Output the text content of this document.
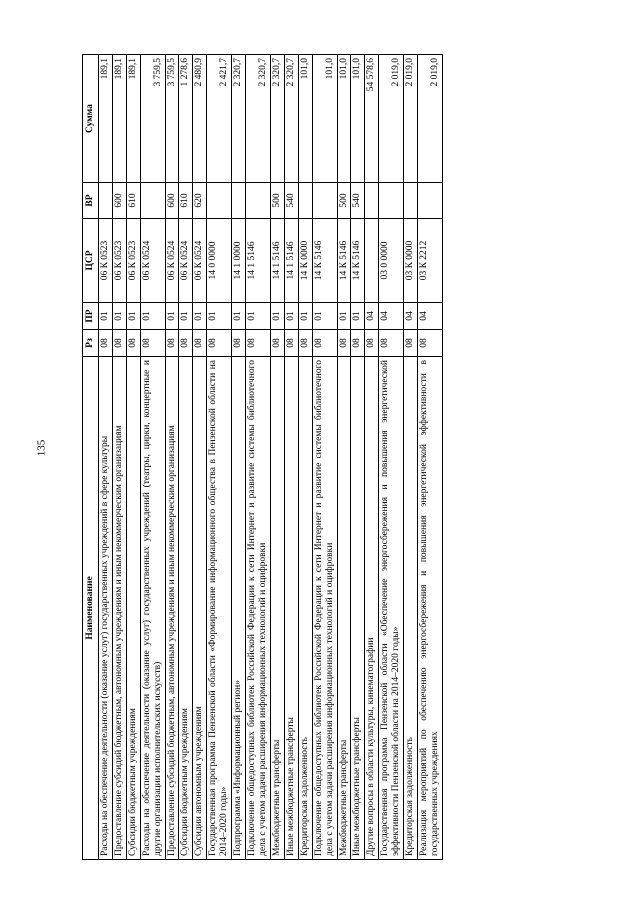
135
Наименование	Рз	ПР	ЦСР	ВР	Сумма
Расходы на обеспечение деятельности (оказание услуг) государственных учреждений в сфере культуры	08	01	06 К 0523		189,1
Предоставление субсидий бюджетным, автономным учреждениям и иным некоммерческим организациям	08	01	06 К 0523	600	189,1
Субсидии бюджетным учреждениям	08	01	06 К 0523	610	189,1
Расходы на обеспечение деятельности (оказание услуг) государственных учреждений (театры, цирки, концертные и другие организации исполнительских искусств)	08	01	06 К 0524		3 759,5
Предоставление субсидий бюджетным, автономным учреждениям и иным некоммерческим организациям	08	01	06 К 0524	600	3 759,5
Субсидии бюджетным учреждениям	08	01	06 К 0524	610	1 278,6
Субсидии автономным учреждениям	08	01	06 К 0524	620	2 480,9
Государственная программа Пензенской области «Формирование информационного общества в Пензенской области на 2014–2020 годы»	08	01	14 0 0000		2 421,7
Подпрограмма «Информационный регион»	08	01	14 1 0000		2 320,7
Подключение общедоступных библиотек Российской Федерации к сети Интернет и развитие системы библиотечного дела с учетом задачи расширения информационных технологий и оцифровки	08	01	14 1 5146		2 320,7
Межбюджетные трансферты	08	01	14 1 5146	500	2 320,7
Иные межбюджетные трансферты	08	01	14 1 5146	540	2 320,7
Кредиторская задолженность	08	01	14 К 0000		101,0
Подключение общедоступных библиотек Российской Федерации к сети Интернет и развитие системы библиотечного дела с учетом задачи расширения информационных технологий и оцифровки	08	01	14 К 5146		101,0
Межбюджетные трансферты	08	01	14 К 5146	500	101,0
Иные межбюджетные трансферты	08	01	14 К 5146	540	101,0
Другие вопросы в области культуры, кинематографии	08	04			54 578,6
Государственная программа Пензенской области «Обеспечение энергосбережения и повышения энергетической эффективности Пензенской области на 2014–2020 годы»	08	04	03 0 0000		2 019,0
Кредиторская задолженность	08	04	03 К 0000		2 019,0
Реализация мероприятий по обеспечению энергосбережения и повышения энергетической эффективности в государственных учреждениях	08	04	03 К 2212		2 019,0
